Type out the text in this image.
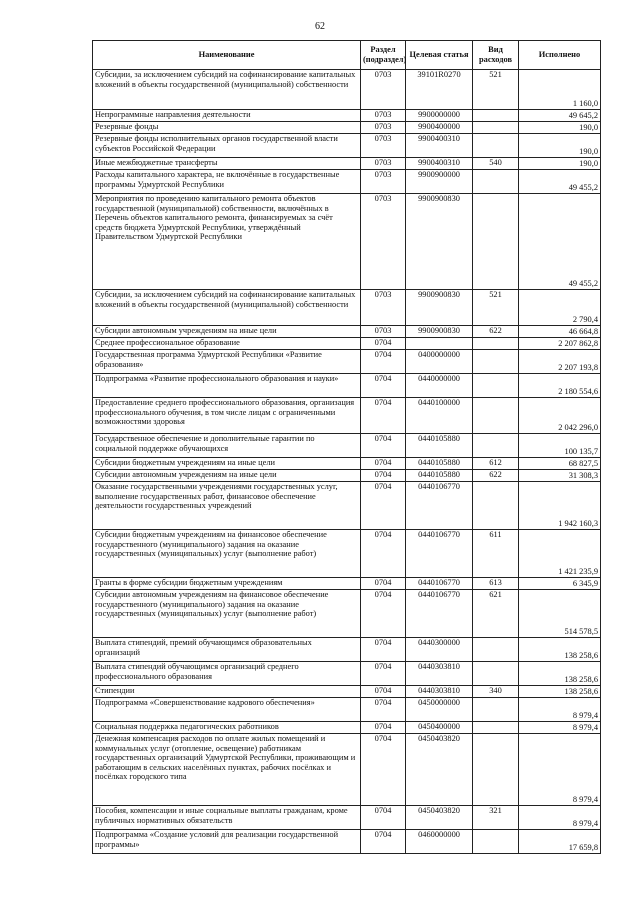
62
Наименование	Раздел (подраздел)	Целевая статья	Вид расходов	Исполнено
Субсидии, за исключением субсидий на софинансирование капитальных вложений в объекты государственной (муниципальной) собственности	0703	39101R0270	521	1 160,0
Непрограммные направления деятельности	0703	9900000000		49 645,2
Резервные фонды	0703	9900400000		190,0
Резервные фонды исполнительных органов государственной власти субъектов Российской Федерации	0703	9900400310		190,0
Иные межбюджетные трансферты	0703	9900400310	540	190,0
Расходы капитального характера, не включённые в государственные программы Удмуртской Республики	0703	9900900000		49 455,2
Мероприятия по проведению капитального ремонта объектов государственной (муниципальной) собственности, включённых в Перечень объектов капитального ремонта, финансируемых за счёт средств бюджета Удмуртской Республики, утверждённый Правительством Удмуртской Республики	0703	9900900830		49 455,2
Субсидии, за исключением субсидий на софинансирование капитальных вложений в объекты государственной (муниципальной) собственности	0703	9900900830	521	2 790,4
Субсидии автономным учреждениям на иные цели	0703	9900900830	622	46 664,8
Среднее профессиональное образование	0704			2 207 862,8
Государственная программа Удмуртской Республики «Развитие образования»	0704	0400000000		2 207 193,8
Подпрограмма «Развитие профессионального образования и науки»	0704	0440000000		2 180 554,6
Предоставление среднего профессионального образования, организация профессионального обучения, в том числе лицам с ограниченными возможностями здоровья	0704	0440100000		2 042 296,0
Государственное обеспечение и дополнительные гарантии по социальной поддержке обучающихся	0704	0440105880		100 135,7
Субсидии бюджетным учреждениям на иные цели	0704	0440105880	612	68 827,5
Субсидии автономным учреждениям на иные цели	0704	0440105880	622	31 308,3
Оказание государственными учреждениями государственных услуг, выполнение государственных работ, финансовое обеспечение деятельности государственных учреждений	0704	0440106770		1 942 160,3
Субсидии бюджетным учреждениям на финансовое обеспечение государственного (муниципального) задания на оказание государственных (муниципальных) услуг (выполнение работ)	0704	0440106770	611	1 421 235,9
Гранты в форме субсидии бюджетным учреждениям	0704	0440106770	613	6 345,9
Субсидии автономным учреждениям на финансовое обеспечение государственного (муниципального) задания на оказание государственных (муниципальных) услуг (выполнение работ)	0704	0440106770	621	514 578,5
Выплата стипендий, премий обучающимся образовательных организаций	0704	0440300000		138 258,6
Выплата стипендий обучающимся организаций среднего профессионального образования	0704	0440303810		138 258,6
Стипендии	0704	0440303810	340	138 258,6
Подпрограмма «Совершенствование кадрового обеспечения»	0704	0450000000		8 979,4
Социальная поддержка педагогических работников	0704	0450400000		8 979,4
Денежная компенсация расходов по оплате жилых помещений и коммунальных услуг (отопление, освещение) работникам государственных организаций Удмуртской Республики, проживающим и работающим в сельских населённых пунктах, рабочих посёлках и посёлках городского типа	0704	0450403820		8 979,4
Пособия, компенсации и иные социальные выплаты гражданам, кроме публичных нормативных обязательств	0704	0450403820	321	8 979,4
Подпрограмма «Создание условий для реализации государственной программы»	0704	0460000000		17 659,8
